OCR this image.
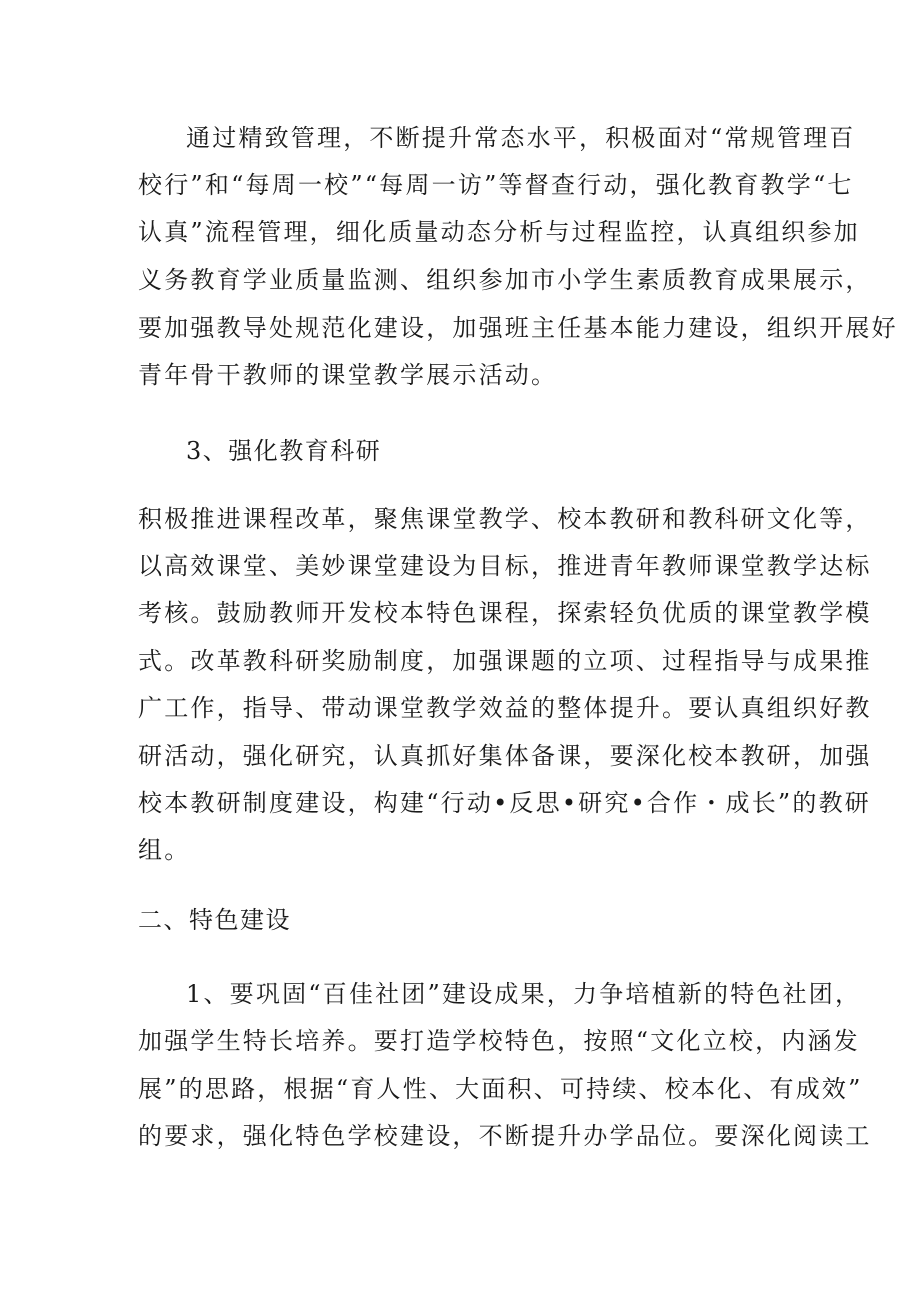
通过精致管理，不断提升常态水平，积极面对“常规管理百
校行”和“每周一校”“每周一访”等督查行动，强化教育教学“七
认真”流程管理，细化质量动态分析与过程监控，认真组织参加
义务教育学业质量监测、组织参加市小学生素质教育成果展示，
要加强教导处规范化建设，加强班主任基本能力建设，组织开展好
青年骨干教师的课堂教学展示活动。
3、强化教育科研
积极推进课程改革，聚焦课堂教学、校本教研和教科研文化等，
以高效课堂、美妙课堂建设为目标，推进青年教师课堂教学达标
考核。鼓励教师开发校本特色课程，探索轻负优质的课堂教学模
式。改革教科研奖励制度，加强课题的立项、过程指导与成果推
广工作，指导、带动课堂教学效益的整体提升。要认真组织好教
研活动，强化研究，认真抓好集体备课，要深化校本教研，加强
校本教研制度建设，构建“行动•反思•研究•合作・成长”的教研
组。
二、特色建设
1、要巩固“百佳社团”建设成果，力争培植新的特色社团，
加强学生特长培养。要打造学校特色，按照“文化立校，内涵发
展”的思路，根据“育人性、大面积、可持续、校本化、有成效”
的要求，强化特色学校建设，不断提升办学品位。要深化阅读工
